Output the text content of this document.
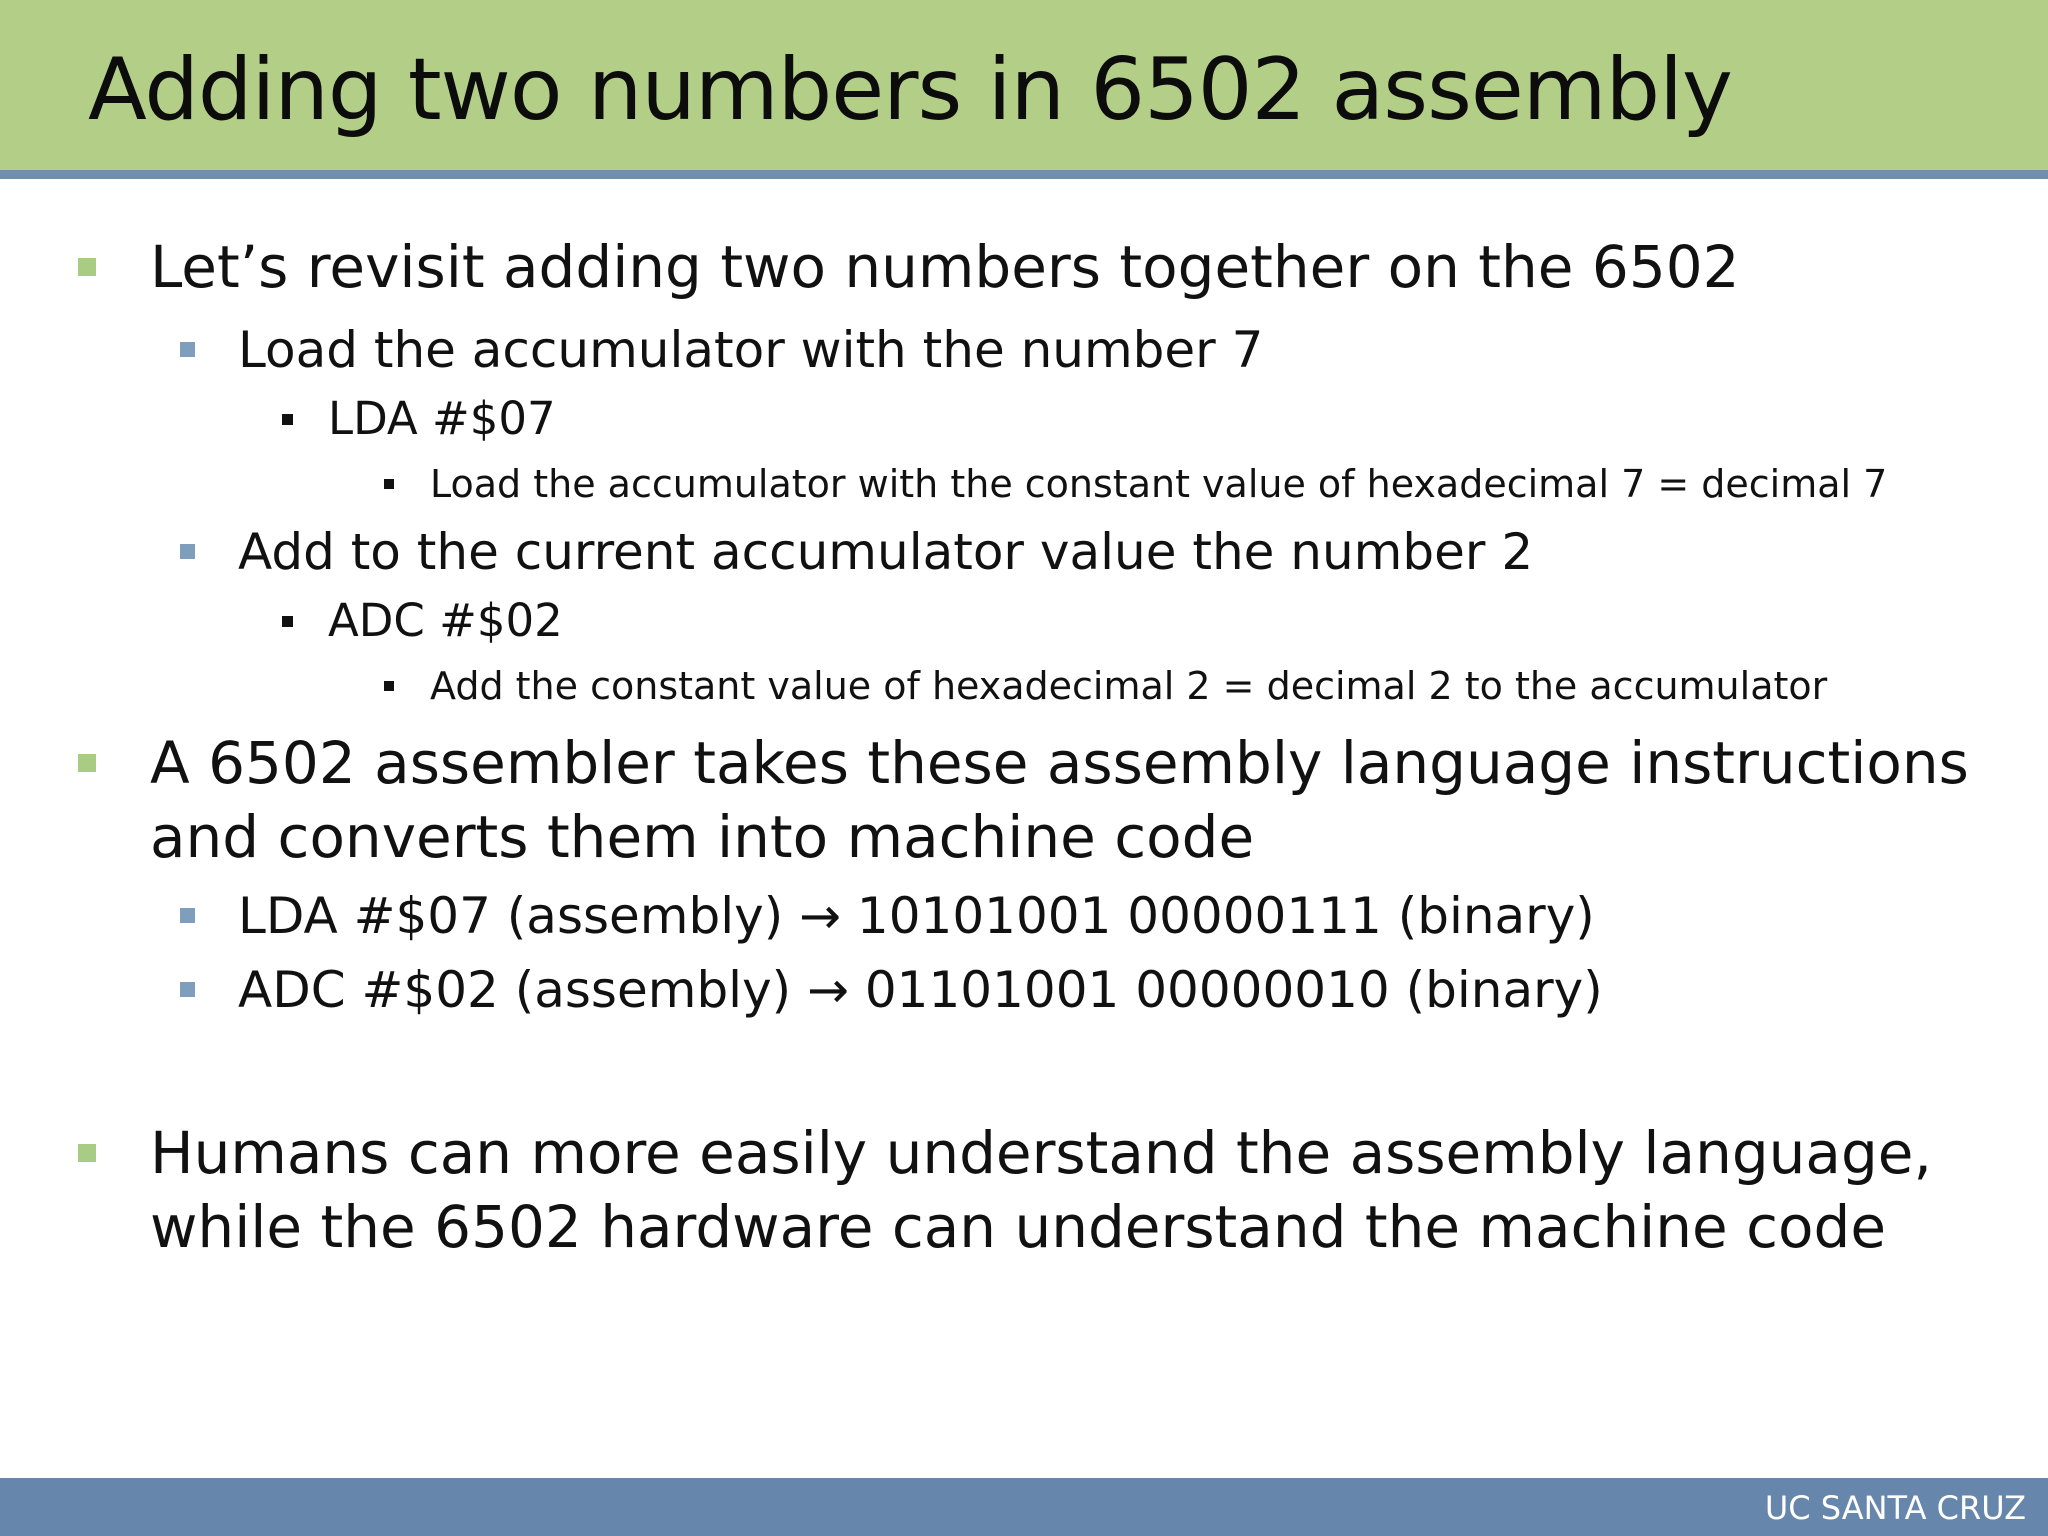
Adding two numbers in 6502 assembly
Let’s revisit adding two numbers together on the 6502
Load the accumulator with the number 7
LDA #$07
Load the accumulator with the constant value of hexadecimal 7 = decimal 7
Add to the current accumulator value the number 2
ADC #$02
Add the constant value of hexadecimal 2 = decimal 2 to the accumulator
A 6502 assembler takes these assembly language instructions
and converts them into machine code
LDA #$07 (assembly) → 10101001 00000111 (binary)
ADC #$02 (assembly) → 01101001 00000010 (binary)
Humans can more easily understand the assembly language,
while the 6502 hardware can understand the machine code
UC SANTA CRUZ
